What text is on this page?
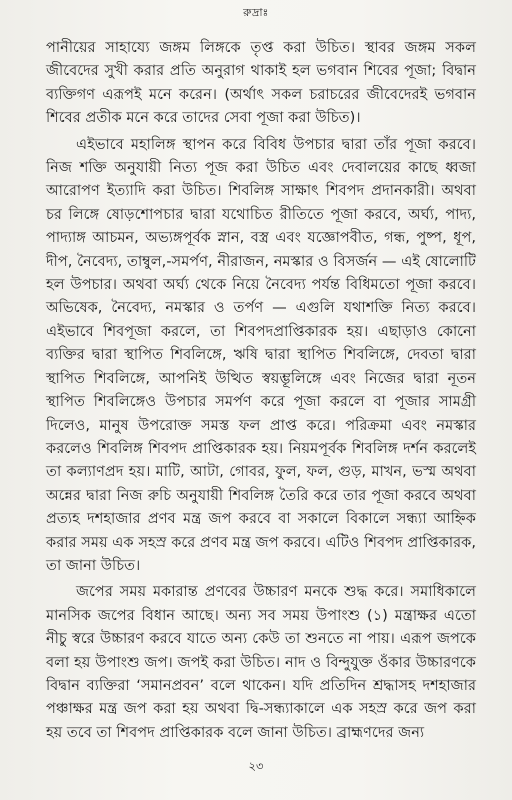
রুদ্রাঃ

পানীয়ের সাহায্যে জঙ্গম লিঙ্গকে তৃপ্ত করা উচিত। স্থাবর জঙ্গম সকল জীবেদের সুখী করার প্রতি অনুরাগ থাকাই হল ভগবান শিবের পূজা; বিদ্বান ব্যক্তিগণ এরূপই মনে করেন। (অর্থাৎ সকল চরাচরের জীবেদেরই ভগবান শিবের প্রতীক মনে করে তাদের সেবা পূজা করা উচিত)।

এইভাবে মহালিঙ্গ স্থাপন করে বিবিধ উপচার দ্বারা তাঁর পূজা করবে। নিজ শক্তি অনুযায়ী নিত্য পূজ করা উচিত এবং দেবালয়ের কাছে ধ্বজা আরোপণ ইত্যাদি করা উচিত। শিবলিঙ্গ সাক্ষাৎ শিবপদ প্রদানকারী। অথবা চর লিঙ্গে ষোড়শোপচার দ্বারা যথোচিত রীতিতে পূজা করবে, অর্ঘ্য, পাদ্য, পাদ্যাঙ্গ আচমন, অভ্যঙ্গপূর্বক স্নান, বস্ত্র এবং যজ্ঞোপবীত, গন্ধ, পুষ্প, ধূপ, দীপ, নৈবেদ্য, তাম্বুল,-সমর্পণ, নীরাজন, নমস্কার ও বিসর্জন — এই ষোলোটি হল উপচার। অথবা অর্ঘ্য থেকে নিয়ে নৈবেদ্য পর্যন্ত বিধিমতো পূজা করবে। অভিষেক, নৈবেদ্য, নমস্কার ও তর্পণ — এগুলি যথাশক্তি নিত্য করবে। এইভাবে শিবপূজা করলে, তা শিবপদপ্রাপ্তিকারক হয়। এছাড়াও কোনো ব্যক্তির দ্বারা স্থাপিত শিবলিঙ্গে, ঋষি দ্বারা স্থাপিত শিবলিঙ্গে, দেবতা দ্বারা স্থাপিত শিবলিঙ্গে, আপনিই উত্থিত স্বয়ম্ভূলিঙ্গে এবং নিজের দ্বারা নূতন স্থাপিত শিবলিঙ্গেও উপচার সমর্পণ করে পূজা করলে বা পূজার সামগ্রী দিলেও, মানুষ উপরোক্ত সমস্ত ফল প্রাপ্ত করে। পরিক্রমা এবং নমস্কার করলেও শিবলিঙ্গ শিবপদ প্রাপ্তিকারক হয়। নিয়মপূর্বক শিবলিঙ্গ দর্শন করলেই তা কল্যাণপ্রদ হয়। মাটি, আটা, গোবর, ফুল, ফল, গুড়, মাখন, ভস্ম অথবা অন্নের দ্বারা নিজ রুচি অনুযায়ী শিবলিঙ্গ তৈরি করে তার পূজা করবে অথবা প্রত্যহ দশহাজার প্রণব মন্ত্র জপ করবে বা সকালে বিকালে সন্ধ্যা আহ্নিক করার সময় এক সহস্র করে প্রণব মন্ত্র জপ করবে। এটিও শিবপদ প্রাপ্তিকারক, তা জানা উচিত।

জপের সময় মকারান্ত প্রণবের উচ্চারণ মনকে শুদ্ধ করে। সমাধিকালে মানসিক জপের বিধান আছে। অন্য সব সময় উপাংশু (১) মন্ত্রাক্ষর এতো নীচু স্বরে উচ্চারণ করবে যাতে অন্য কেউ তা শুনতে না পায়। এরূপ জপকে বলা হয় উপাংশু জপ। জপই করা উচিত। নাদ ও বিন্দুযুক্ত ওঁকার উচ্চারণকে বিদ্বান ব্যক্তিরা ‘সমানপ্রবন’ বলে থাকেন। যদি প্রতিদিন শ্রদ্ধাসহ দশহাজার পঞ্চাক্ষর মন্ত্র জপ করা হয় অথবা দ্বি-সন্ধ্যাকালে এক সহস্র করে জপ করা হয় তবে তা শিবপদ প্রাপ্তিকারক বলে জানা উচিত। ব্রাহ্মণদের জন্য

২৩
